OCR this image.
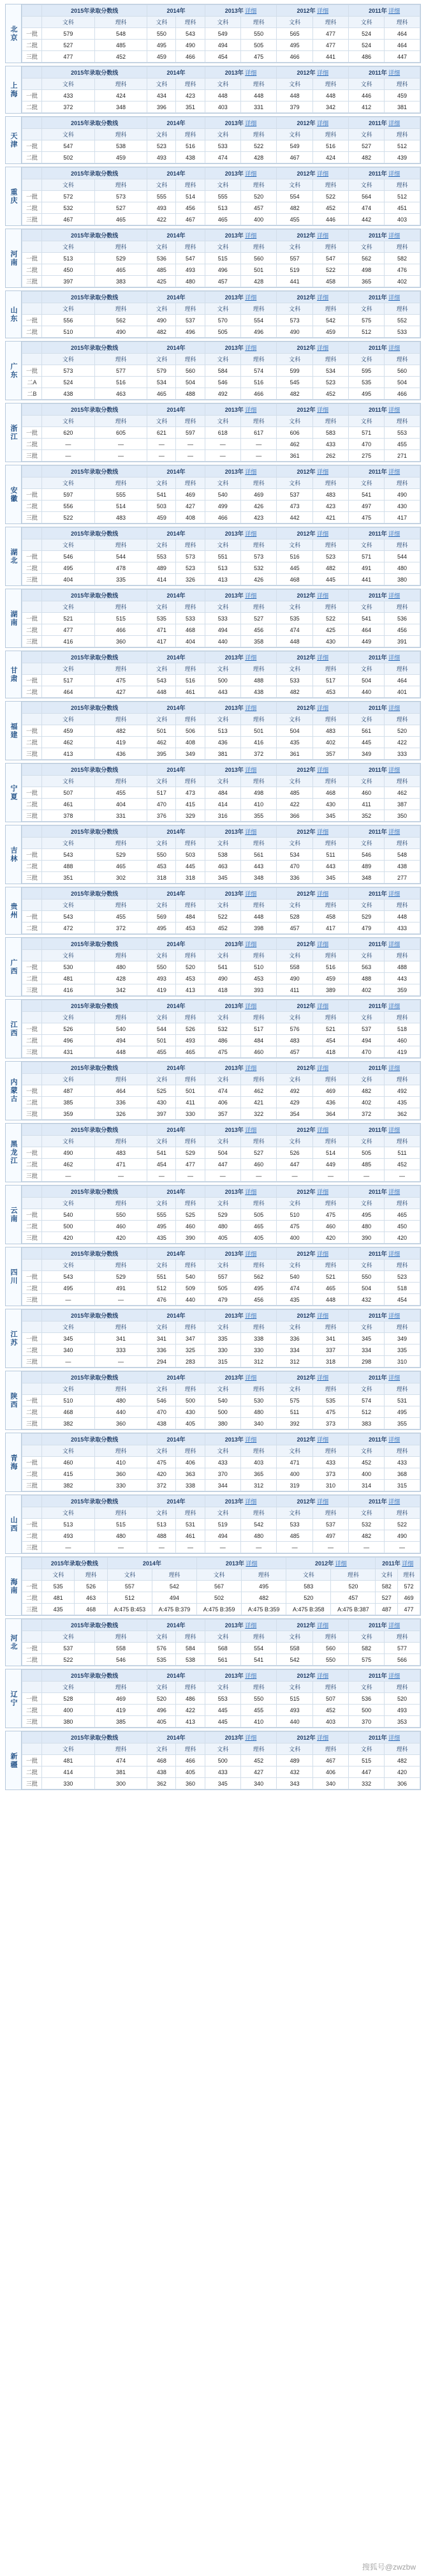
北京
	2015年录取分数线		2014年		2013年 详细		2012年 详细		2011年 详细	
	文科	理科	文科	理科	文科	理科	文科	理科	文科	理科
一批	579	548	550	543	549	550	565	477	524	464
二批	527	485	495	490	494	505	495	477	524	464
三批	477	452	459	466	454	475	466	441	486	447
上海
	2015年录取分数线		2014年		2013年 详细		2012年 详细		2011年 详细	
	文科	理科	文科	理科	文科	理科	文科	理科	文科	理科
一批	433	424	434	423	448	448	448	448	446	459
二批	372	348	396	351	403	331	379	342	412	381
天津
	2015年录取分数线		2014年		2013年 详细		2012年 详细		2011年 详细	
	文科	理科	文科	理科	文科	理科	文科	理科	文科	理科
一批	547	538	523	516	533	522	549	516	527	512
二批	502	459	493	438	474	428	467	424	482	439
重庆
	2015年录取分数线		2014年		2013年 详细		2012年 详细		2011年 详细	
	文科	理科	文科	理科	文科	理科	文科	理科	文科	理科
一批	572	573	555	514	555	520	554	522	564	512
二批	532	527	493	456	513	457	482	452	474	451
三批	467	465	422	467	465	400	455	446	442	403
河南
	2015年录取分数线		2014年		2013年 详细		2012年 详细		2011年 详细	
	文科	理科	文科	理科	文科	理科	文科	理科	文科	理科
一批	513	529	536	547	515	560	557	547	562	582
二批	450	465	485	493	496	501	519	522	498	476
三批	397	383	425	480	457	428	441	458	365	402
山东
	2015年录取分数线		2014年		2013年 详细		2012年 详细		2011年 详细	
	文科	理科	文科	理科	文科	理科	文科	理科	文科	理科
一批	556	562	490	537	570	554	573	542	575	552
二批	510	490	482	496	505	496	490	459	512	533
广东
	2015年录取分数线		2014年		2013年 详细		2012年 详细		2011年 详细	
	文科	理科	文科	理科	文科	理科	文科	理科	文科	理科
一批	573	577	579	560	584	574	599	534	595	560
二A	524	516	534	504	546	516	545	523	535	504
二B	438	463	465	488	492	466	482	452	495	466
浙江
	2015年录取分数线		2014年		2013年 详细		2012年 详细		2011年 详细	
	文科	理科	文科	理科	文科	理科	文科	理科	文科	理科
一批	620	605	621	597	618	617	606	583	571	553
二批	—	—	—	—	—	—	462	433	470	455
三批	—	—	—	—	—	—	361	262	275	271
安徽
	2015年录取分数线		2014年		2013年 详细		2012年 详细		2011年 详细	
	文科	理科	文科	理科	文科	理科	文科	理科	文科	理科
一批	597	555	541	469	540	469	537	483	541	490
二批	556	514	503	427	499	426	473	423	497	430
三批	522	483	459	408	466	423	442	421	475	417
湖北
	2015年录取分数线		2014年		2013年 详细		2012年 详细		2011年 详细	
	文科	理科	文科	理科	文科	理科	文科	理科	文科	理科
一批	546	544	553	573	551	573	516	523	571	544
二批	495	478	489	523	513	532	445	482	491	480
三批	404	335	414	326	413	426	468	445	441	380
湖南
	2015年录取分数线		2014年		2013年 详细		2012年 详细		2011年 详细	
	文科	理科	文科	理科	文科	理科	文科	理科	文科	理科
一批	521	515	535	533	533	527	535	522	541	536
二批	477	466	471	468	494	456	474	425	464	456
三批	416	360	417	404	440	358	448	430	449	391
甘肃
	2015年录取分数线		2014年		2013年 详细		2012年 详细		2011年 详细	
	文科	理科	文科	理科	文科	理科	文科	理科	文科	理科
一批	517	475	543	516	500	488	533	517	504	464
二批	464	427	448	461	443	438	482	453	440	401
福建
	2015年录取分数线		2014年		2013年 详细		2012年 详细		2011年 详细	
	文科	理科	文科	理科	文科	理科	文科	理科	文科	理科
一批	459	482	501	506	513	501	504	483	561	520
二批	462	419	462	408	436	416	435	402	445	422
三批	413	436	395	349	381	372	361	357	349	333
宁夏
	2015年录取分数线		2014年		2013年 详细		2012年 详细		2011年 详细	
	文科	理科	文科	理科	文科	理科	文科	理科	文科	理科
一批	507	455	517	473	484	498	485	468	460	462
二批	461	404	470	415	414	410	422	430	411	387
三批	378	331	376	329	316	355	366	345	352	350
吉林
	2015年录取分数线		2014年		2013年 详细		2012年 详细		2011年 详细	
	文科	理科	文科	理科	文科	理科	文科	理科	文科	理科
一批	543	529	550	503	538	561	534	511	546	548
二批	488	465	453	445	463	443	470	443	489	438
三批	351	302	318	318	345	348	336	345	348	277
贵州
	2015年录取分数线		2014年		2013年 详细		2012年 详细		2011年 详细	
	文科	理科	文科	理科	文科	理科	文科	理科	文科	理科
一批	543	455	569	484	522	448	528	458	529	448
二批	472	372	495	453	452	398	457	417	479	433
广西
	2015年录取分数线		2014年		2013年 详细		2012年 详细		2011年 详细	
	文科	理科	文科	理科	文科	理科	文科	理科	文科	理科
一批	530	480	550	520	541	510	558	516	563	488
二批	481	428	493	453	490	453	490	459	488	443
三批	416	342	419	413	418	393	411	389	402	359
江西
	2015年录取分数线		2014年		2013年 详细		2012年 详细		2011年 详细	
	文科	理科	文科	理科	文科	理科	文科	理科	文科	理科
一批	526	540	544	526	532	517	576	521	537	518
二批	496	494	501	493	486	484	483	454	494	460
三批	431	448	455	465	475	460	457	418	470	419
内蒙古
	2015年录取分数线		2014年		2013年 详细		2012年 详细		2011年 详细	
	文科	理科	文科	理科	文科	理科	文科	理科	文科	理科
一批	487	464	525	501	474	462	492	469	482	492
二批	385	336	430	411	406	421	429	436	402	435
三批	359	326	397	330	357	322	354	364	372	362
黑龙江
	2015年录取分数线		2014年		2013年 详细		2012年 详细		2011年 详细	
	文科	理科	文科	理科	文科	理科	文科	理科	文科	理科
一批	490	483	541	529	504	527	526	514	505	511
二批	462	471	454	477	447	460	447	449	485	452
三批	—	—	—	—	—	—	—	—	—	—
云南
	2015年录取分数线		2014年		2013年 详细		2012年 详细		2011年 详细	
	文科	理科	文科	理科	文科	理科	文科	理科	文科	理科
一批	540	550	555	525	529	505	510	475	495	465
二批	500	460	495	460	480	465	475	460	480	450
三批	420	420	435	390	405	405	400	420	390	420
四川
	2015年录取分数线		2014年		2013年 详细		2012年 详细		2011年 详细	
	文科	理科	文科	理科	文科	理科	文科	理科	文科	理科
一批	543	529	551	540	557	562	540	521	550	523
二批	495	491	512	509	505	495	474	465	504	518
三批	—	—	476	440	479	456	435	448	432	454
江苏
	2015年录取分数线		2014年		2013年 详细		2012年 详细		2011年 详细	
	文科	理科	文科	理科	文科	理科	文科	理科	文科	理科
一批	345	341	341	347	335	338	336	341	345	349
二批	340	333	336	325	330	330	334	337	334	335
三批	—	—	294	283	315	312	312	318	298	310
陕西
	2015年录取分数线		2014年		2013年 详细		2012年 详细		2011年 详细	
	文科	理科	文科	理科	文科	理科	文科	理科	文科	理科
一批	510	480	546	500	540	530	575	535	574	531
二批	468	440	470	430	500	480	511	475	512	495
三批	382	360	438	405	380	340	392	373	383	355
青海
	2015年录取分数线		2014年		2013年 详细		2012年 详细		2011年 详细	
	文科	理科	文科	理科	文科	理科	文科	理科	文科	理科
一批	460	410	475	406	433	403	471	433	452	433
二批	415	360	420	363	370	365	400	373	400	368
三批	382	330	372	338	344	312	319	310	314	315
山西
	2015年录取分数线		2014年		2013年 详细		2012年 详细		2011年 详细	
	文科	理科	文科	理科	文科	理科	文科	理科	文科	理科
一批	513	515	513	531	519	542	533	537	532	522
二批	493	480	488	461	494	480	485	497	482	490
三批	—	—	—	—	—	—	—	—	—	—
海南
	2015年录取分数线		2014年		2013年 详细		2012年 详细		2011年 详细	
	文科	理科	文科	理科	文科	理科	文科	理科	文科	理科
一批	535	526	557	542	567	495	583	520	582	572
二批	481	463	512	494	502	482	520	457	527	469
三批	435	468	A:475 B:453	A:475 B:379	A:475 B:359	A:475 B:359	A:475 B:358	A:475 B:387	487	477
河北
	2015年录取分数线		2014年		2013年 详细		2012年 详细		2011年 详细	
	文科	理科	文科	理科	文科	理科	文科	理科	文科	理科
一批	537	558	576	584	568	554	558	560	582	577
二批	522	546	535	538	561	541	542	550	575	566
辽宁
	2015年录取分数线		2014年		2013年 详细		2012年 详细		2011年 详细	
	文科	理科	文科	理科	文科	理科	文科	理科	文科	理科
一批	528	469	520	486	553	550	515	507	536	520
二批	400	419	496	422	445	455	493	452	500	493
三批	380	385	405	413	445	410	440	403	370	353
新疆
	2015年录取分数线		2014年		2013年 详细		2012年 详细		2011年 详细	
	文科	理科	文科	理科	文科	理科	文科	理科	文科	理科
一批	481	474	468	466	500	452	489	467	515	482
二批	414	381	438	405	433	427	432	406	447	420
三批	330	300	362	360	345	340	343	340	332	306
搜狐号@zwzbw
